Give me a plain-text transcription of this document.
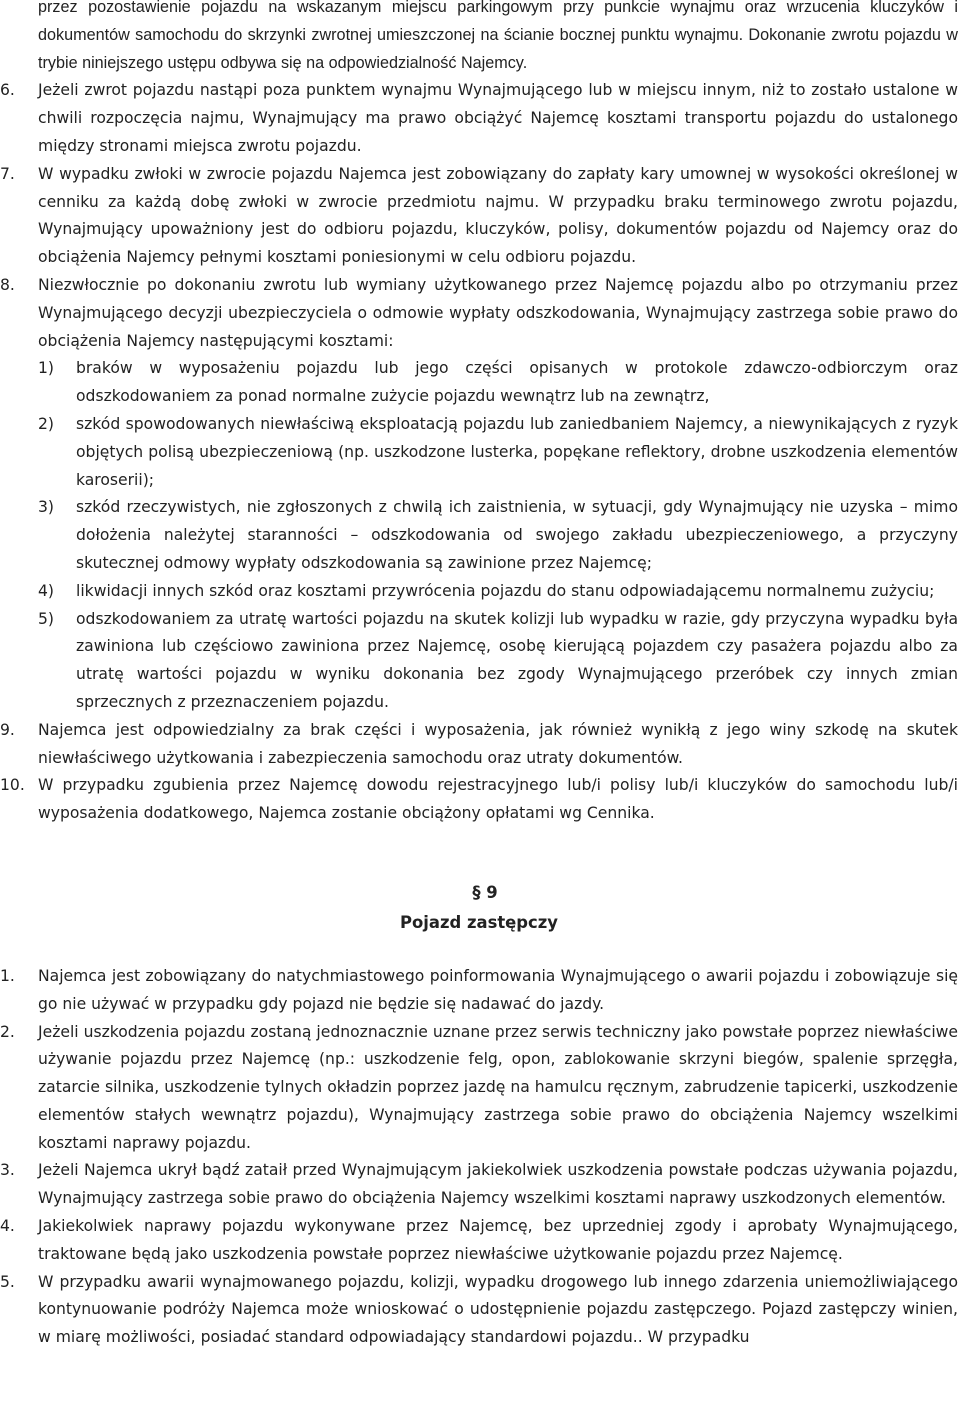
przez pozostawienie pojazdu na wskazanym miejscu parkingowym przy punkcie wynajmu oraz wrzucenia kluczyków i dokumentów samochodu do skrzynki zwrotnej umieszczonej na ścianie bocznej punktu wynajmu. Dokonanie zwrotu pojazdu w trybie niniejszego ustępu odbywa się na odpowiedzialność Najemcy.

6. Jeżeli zwrot pojazdu nastąpi poza punktem wynajmu Wynajmującego lub w miejscu innym, niż to zostało ustalone w chwili rozpoczęcia najmu, Wynajmujący ma prawo obciążyć Najemcę kosztami transportu pojazdu do ustalonego między stronami miejsca zwrotu pojazdu.

7. W wypadku zwłoki w zwrocie pojazdu Najemca jest zobowiązany do zapłaty kary umownej w wysokości określonej w cenniku za każdą dobę zwłoki w zwrocie przedmiotu najmu. W przypadku braku terminowego zwrotu pojazdu, Wynajmujący upoważniony jest do odbioru pojazdu, kluczyków, polisy, dokumentów pojazdu od Najemcy oraz do obciążenia Najemcy pełnymi kosztami poniesionymi w celu odbioru pojazdu.

8. Niezwłocznie po dokonaniu zwrotu lub wymiany użytkowanego przez Najemcę pojazdu albo po otrzymaniu przez Wynajmującego decyzji ubezpieczyciela o odmowie wypłaty odszkodowania, Wynajmujący zastrzega sobie prawo do obciążenia Najemcy następującymi kosztami:

1) braków w wyposażeniu pojazdu lub jego części opisanych w protokole zdawczo-odbiorczym oraz odszkodowaniem za ponad normalne zużycie pojazdu wewnątrz lub na zewnątrz,

2) szkód spowodowanych niewłaściwą eksploatacją pojazdu lub zaniedbaniem Najemcy, a niewynikających z ryzyk objętych polisą ubezpieczeniową (np. uszkodzone lusterka, popękane reflektory, drobne uszkodzenia elementów karoserii);

3) szkód rzeczywistych, nie zgłoszonych z chwilą ich zaistnienia, w sytuacji, gdy Wynajmujący nie uzyska – mimo dołożenia należytej staranności – odszkodowania od swojego zakładu ubezpieczeniowego, a przyczyny skutecznej odmowy wypłaty odszkodowania są zawinione przez Najemcę;

4) likwidacji innych szkód oraz kosztami przywrócenia pojazdu do stanu odpowiadającemu normalnemu zużyciu;

5) odszkodowaniem za utratę wartości pojazdu na skutek kolizji lub wypadku w razie, gdy przyczyna wypadku była zawiniona lub częściowo zawiniona przez Najemcę, osobę kierującą pojazdem czy pasażera pojazdu albo za utratę wartości pojazdu w wyniku dokonania bez zgody Wynajmującego przeróbek czy innych zmian sprzecznych z przeznaczeniem pojazdu.

9. Najemca jest odpowiedzialny za brak części i wyposażenia, jak również wynikłą z jego winy szkodę na skutek niewłaściwego użytkowania i zabezpieczenia samochodu oraz utraty dokumentów.

10. W przypadku zgubienia przez Najemcę dowodu rejestracyjnego lub/i polisy lub/i kluczyków do samochodu lub/i wyposażenia dodatkowego, Najemca zostanie obciążony opłatami wg Cennika.

§ 9
Pojazd zastępczy
1. Najemca jest zobowiązany do natychmiastowego poinformowania Wynajmującego o awarii pojazdu i zobowiązuje się go nie używać w przypadku gdy pojazd nie będzie się nadawać do jazdy.

2. Jeżeli uszkodzenia pojazdu zostaną jednoznacznie uznane przez serwis techniczny jako powstałe poprzez niewłaściwe używanie pojazdu przez Najemcę (np.: uszkodzenie felg, opon, zablokowanie skrzyni biegów, spalenie sprzęgła, zatarcie silnika, uszkodzenie tylnych okładzin poprzez jazdę na hamulcu ręcznym, zabrudzenie tapicerki, uszkodzenie elementów stałych wewnątrz pojazdu), Wynajmujący zastrzega sobie prawo do obciążenia Najemcy wszelkimi kosztami naprawy pojazdu.

3. Jeżeli Najemca ukrył bądź zataił przed Wynajmującym jakiekolwiek uszkodzenia powstałe podczas używania pojazdu, Wynajmujący zastrzega sobie prawo do obciążenia Najemcy wszelkimi kosztami naprawy uszkodzonych elementów.

4. Jakiekolwiek naprawy pojazdu wykonywane przez Najemcę, bez uprzedniej zgody i aprobaty Wynajmującego, traktowane będą jako uszkodzenia powstałe poprzez niewłaściwe użytkowanie pojazdu przez Najemcę.

5. W przypadku awarii wynajmowanego pojazdu, kolizji, wypadku drogowego lub innego zdarzenia uniemożliwiającego kontynuowanie podróży Najemca może wnioskować o udostępnienie pojazdu zastępczego. Pojazd zastępczy winien, w miarę możliwości, posiadać standard odpowiadający standardowi pojazdu.. W przypadku
